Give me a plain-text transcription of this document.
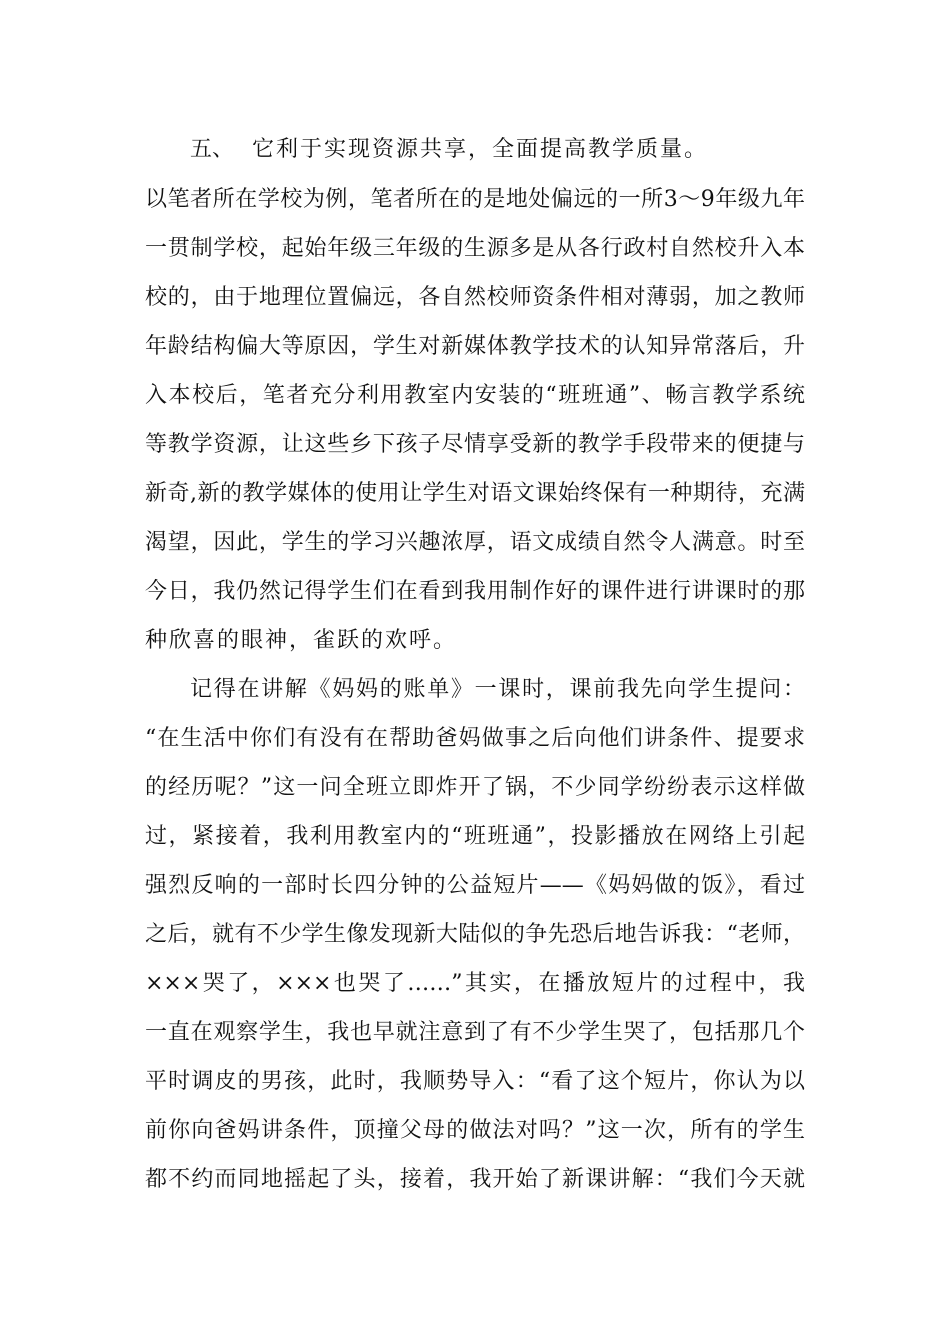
五、 它利于实现资源共享，全面提高教学质量。
以笔者所在学校为例，笔者所在的是地处偏远的一所3～9年级九年
一贯制学校，起始年级三年级的生源多是从各行政村自然校升入本
校的，由于地理位置偏远，各自然校师资条件相对薄弱，加之教师
年龄结构偏大等原因，学生对新媒体教学技术的认知异常落后，升
入本校后，笔者充分利用教室内安装的“班班通”、畅言教学系统
等教学资源，让这些乡下孩子尽情享受新的教学手段带来的便捷与
新奇,新的教学媒体的使用让学生对语文课始终保有一种期待，充满
渴望，因此，学生的学习兴趣浓厚，语文成绩自然令人满意。时至
今日，我仍然记得学生们在看到我用制作好的课件进行讲课时的那
种欣喜的眼神，雀跃的欢呼。
记得在讲解《妈妈的账单》一课时，课前我先向学生提问：
“在生活中你们有没有在帮助爸妈做事之后向他们讲条件、提要求
的经历呢？”这一问全班立即炸开了锅，不少同学纷纷表示这样做
过，紧接着，我利用教室内的“班班通”，投影播放在网络上引起
强烈反响的一部时长四分钟的公益短片——《妈妈做的饭》，看过
之后，就有不少学生像发现新大陆似的争先恐后地告诉我：“老师，
×××哭了，×××也哭了……”其实，在播放短片的过程中，我
一直在观察学生，我也早就注意到了有不少学生哭了，包括那几个
平时调皮的男孩，此时，我顺势导入：“看了这个短片，你认为以
前你向爸妈讲条件，顶撞父母的做法对吗？”这一次，所有的学生
都不约而同地摇起了头，接着，我开始了新课讲解：“我们今天就
